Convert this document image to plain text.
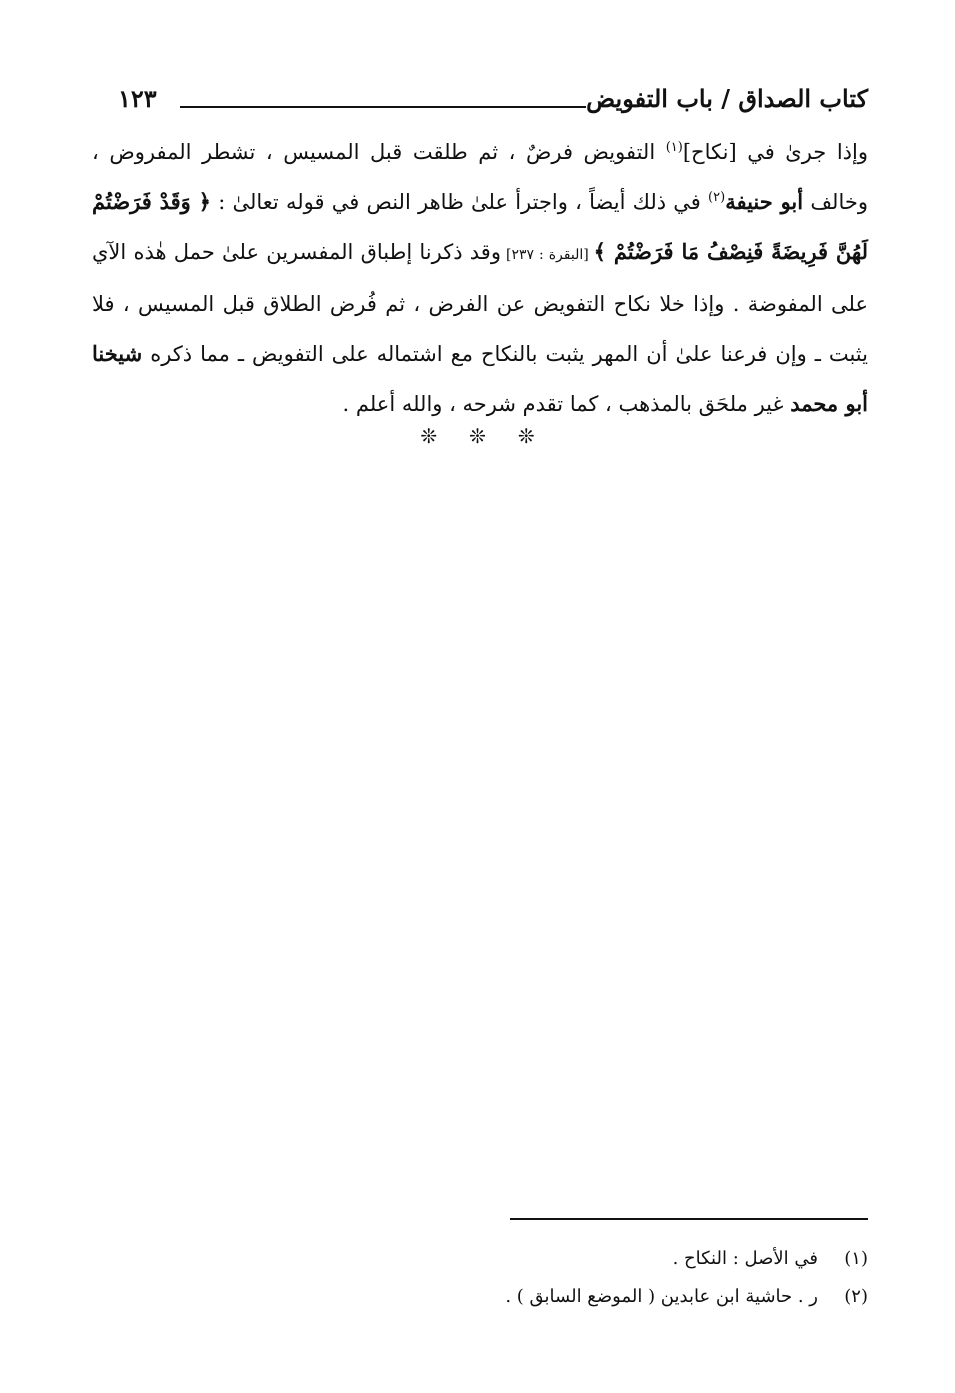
كتاب الصداق / باب التفويض
١٢٣

وإذا جرىٰ في [نكاح]$^{(١)}$ التفويض فرضٌ ، ثم طلقت قبل المسيس ، تشطر المفروض ، وخالف أبو حنيفة$^{(٢)}$ في ذلك أيضاً ، واجترأ علىٰ ظاهر النص في قوله تعالىٰ : ﴿ وَقَدْ فَرَضْتُمْ لَهُنَّ فَرِيضَةً فَنِصْفُ مَا فَرَضْتُمْ ﴾ [البقرة : ٢٣٧] وقد ذكرنا إطباق المفسرين علىٰ حمل هٰذه الآي على المفوضة . وإذا خلا نكاح التفويض عن الفرض ، ثم فُرض الطلاق قبل المسيس ، فلا يثبت ـ وإن فرعنا علىٰ أن المهر يثبت بالنكاح مع اشتماله على التفويض ـ مما ذكره شيخنا أبو محمد غير ملحَق بالمذهب ، كما تقدم شرحه ، والله أعلم .

❊❊❊
(١)
في الأصل : النكاح .
(٢)
ر . حاشية ابن عابدين ( الموضع السابق ) .
